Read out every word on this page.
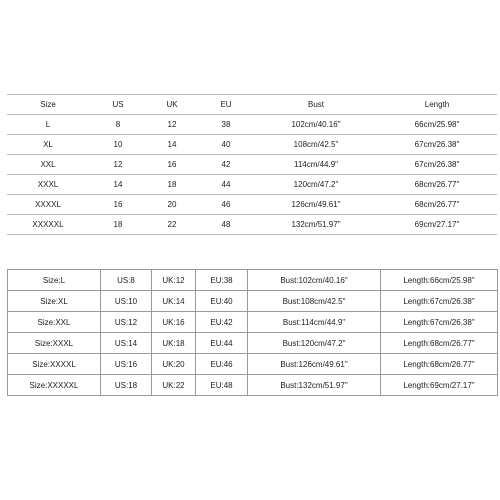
Size	US	UK	EU	Bust	Length
L	8	12	38	102cm/40.16"	66cm/25.98"
XL	10	14	40	108cm/42.5"	67cm/26.38"
XXL	12	16	42	114cm/44.9"	67cm/26.38"
XXXL	14	18	44	120cm/47.2"	68cm/26.77"
XXXXL	16	20	46	126cm/49.61"	68cm/26.77"
XXXXXL	18	22	48	132cm/51.97"	69cm/27.17"
Size:L	US:8	UK:12	EU:38	Bust:102cm/40.16"	Length:66cm/25.98"
Size:XL	US:10	UK:14	EU:40	Bust:108cm/42.5"	Length:67cm/26.38"
Size:XXL	US:12	UK:16	EU:42	Bust:114cm/44.9"	Length:67cm/26.38"
Size:XXXL	US:14	UK:18	EU:44	Bust:120cm/47.2"	Length:68cm/26.77"
Size:XXXXL	US:16	UK:20	EU:46	Bust:126cm/49.61"	Length:68cm/26.77"
Size:XXXXXL	US:18	UK:22	EU:48	Bust:132cm/51.97"	Length:69cm/27.17"
